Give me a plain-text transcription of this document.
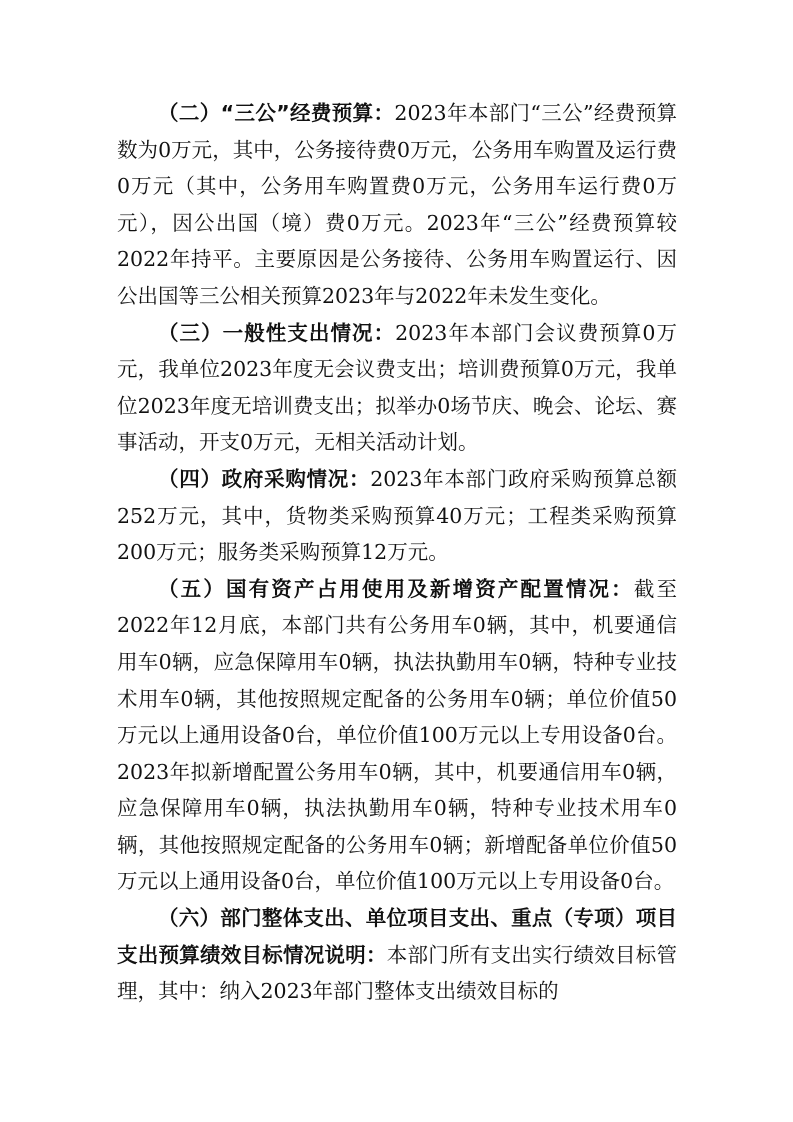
（二）“三公”经费预算：2023年本部门“三公”经费预算数为0万元，其中，公务接待费0万元，公务用车购置及运行费0万元（其中，公务用车购置费0万元，公务用车运行费0万元），因公出国（境）费0万元。2023年“三公”经费预算较2022年持平。主要原因是公务接待、公务用车购置运行、因公出国等三公相关预算2023年与2022年未发生变化。

（三）一般性支出情况：2023年本部门会议费预算0万元，我单位2023年度无会议费支出；培训费预算0万元，我单位2023年度无培训费支出；拟举办0场节庆、晚会、论坛、赛事活动，开支0万元，无相关活动计划。

（四）政府采购情况：2023年本部门政府采购预算总额252万元，其中，货物类采购预算40万元；工程类采购预算200万元；服务类采购预算12万元。

（五）国有资产占用使用及新增资产配置情况：截至2022年12月底，本部门共有公务用车0辆，其中，机要通信用车0辆，应急保障用车0辆，执法执勤用车0辆，特种专业技术用车0辆，其他按照规定配备的公务用车0辆；单位价值50万元以上通用设备0台，单位价值100万元以上专用设备0台。2023年拟新增配置公务用车0辆，其中，机要通信用车0辆，应急保障用车0辆，执法执勤用车0辆，特种专业技术用车0辆，其他按照规定配备的公务用车0辆；新增配备单位价值50万元以上通用设备0台，单位价值100万元以上专用设备0台。

（六）部门整体支出、单位项目支出、重点（专项）项目支出预算绩效目标情况说明：本部门所有支出实行绩效目标管理，其中：纳入2023年部门整体支出绩效目标的
